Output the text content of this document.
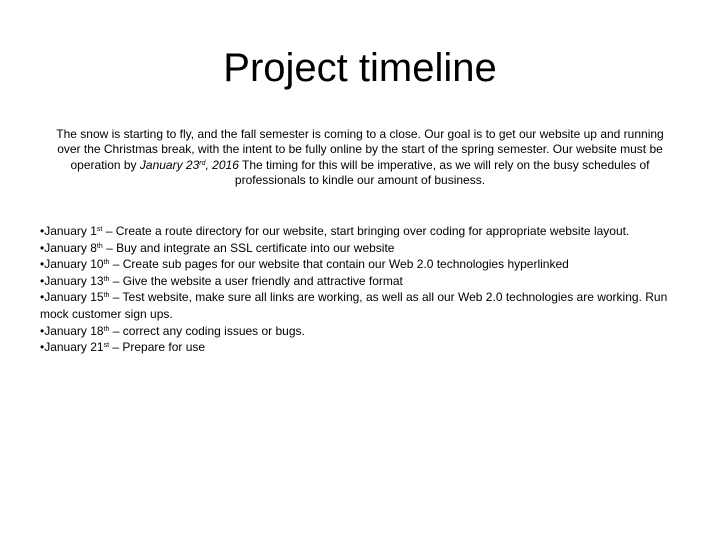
Project timeline

The snow is starting to fly, and the fall semester is coming to a close. Our goal is to get our website up and running over the Christmas break, with the intent to be fully online by the start of the spring semester. Our website must be operation by January 23rd, 2016 The timing for this will be imperative, as we will rely on the busy schedules of professionals to kindle our amount of business.

•January 1st – Create a route directory for our website, start bringing over coding for appropriate website layout.
•January 8th – Buy and integrate an SSL certificate into our website
•January 10th – Create sub pages for our website that contain our Web 2.0 technologies hyperlinked
•January 13th – Give the website a user friendly and attractive format
•January 15th – Test website, make sure all links are working, as well as all our Web 2.0 technologies are working. Run mock customer sign ups.
•January 18th – correct any coding issues or bugs.
•January 21st – Prepare for use
